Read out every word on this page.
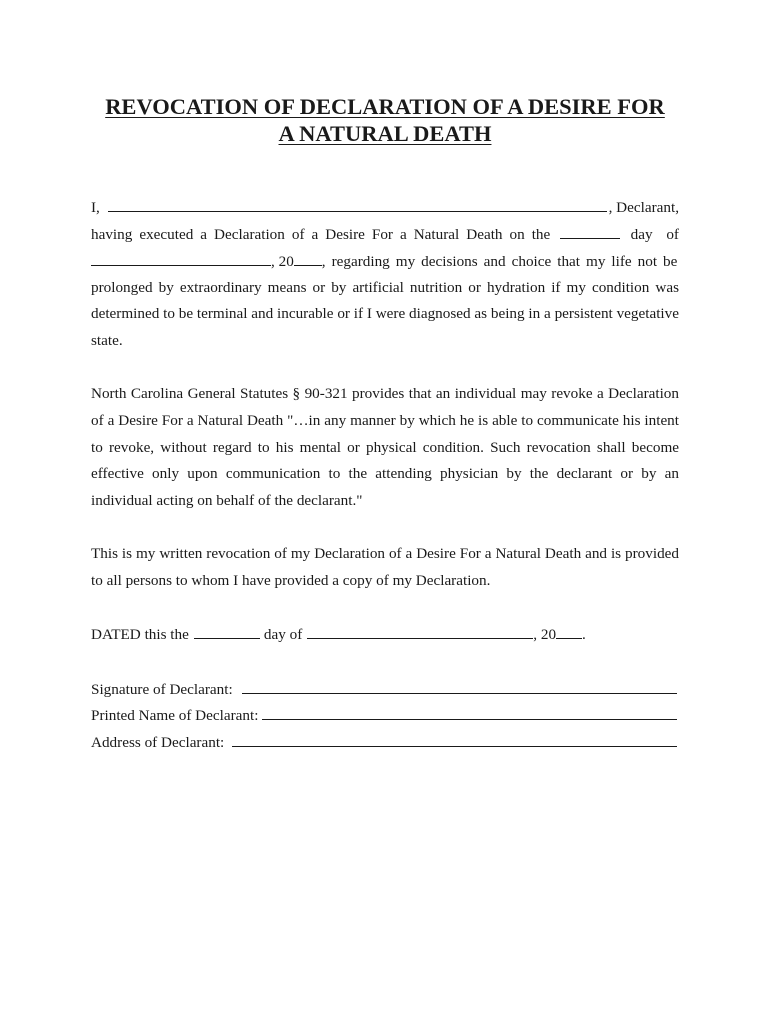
REVOCATION OF DECLARATION OF A DESIRE FOR
A NATURAL DEATH
I,	, Declarant,
having executed a Declaration of a Desire For a Natural Death on the	day of
, 20 , regarding my decisions and choice that my life not be
prolonged by extraordinary means or by artificial nutrition or hydration if my condition was
determined to be terminal and incurable or if I were diagnosed as being in a persistent vegetative
state.
North Carolina General Statutes § 90-321 provides that an individual may revoke a Declaration
of a Desire For a Natural Death "…in any manner by which he is able to communicate his intent
to revoke, without regard to his mental or physical condition. Such revocation shall become
effective only upon communication to the attending physician by the declarant or by an
individual acting on behalf of the declarant."
This is my written revocation of my Declaration of a Desire For a Natural Death and is provided
to all persons to whom I have provided a copy of my Declaration.
DATED this the	day of	, 20 .
Signature of Declarant:
Printed Name of Declarant:
Address of Declarant:
